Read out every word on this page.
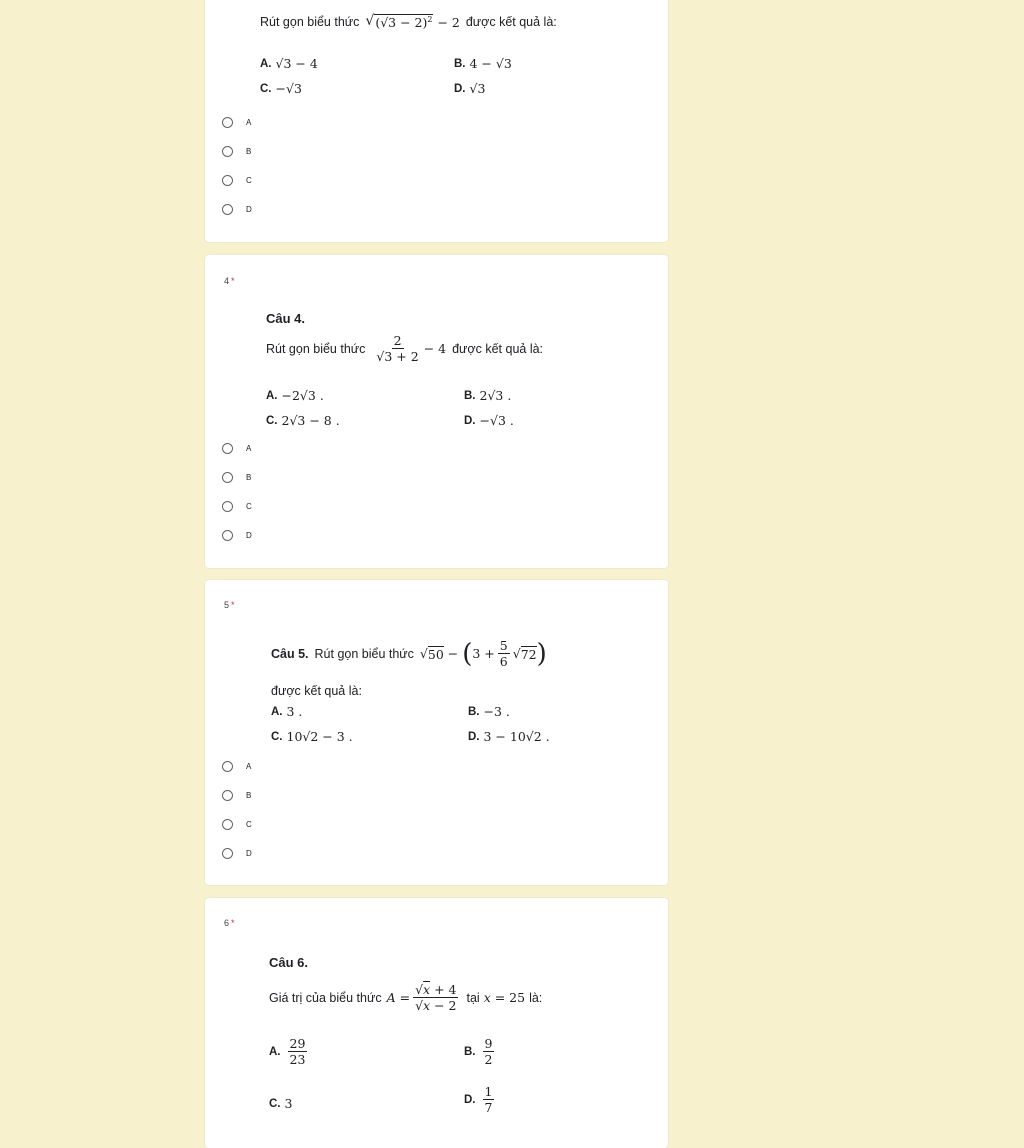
Rút gọn biểu thức √ $(√3 - 2)^2 - 2$ được kết quả là:
A. √3 − 4	B. 4 − √3
C. −√3	D. √3
A
B
C
D
4 *
Câu 4.
Rút gọn biểu thức $\frac{2}{√3 + 2} - 4$ được kết quả là:
A. −2√3 .	B. 2√3 .
C. 2√3 − 8 .	D. −√3 .
A
B
C
D
5 *
Câu 5. Rút gọn biểu thức √ 50 − ( $3 + \frac{5}{6}$ √ 72 )
được kết quả là:
A. 3 .	B. −3 .
C. 10√2 − 3 .	D. 3 − 10√2 .
A
B
C
D
6 *
Câu 6.
Giá trị của biểu thức $A = \frac{√x + 4}{√x - 2}$ tại x = 25 là:
A. $\frac{29}{23}$	B. $\frac{9}{2}$
C. 3	D. $\frac{1}{7}$
